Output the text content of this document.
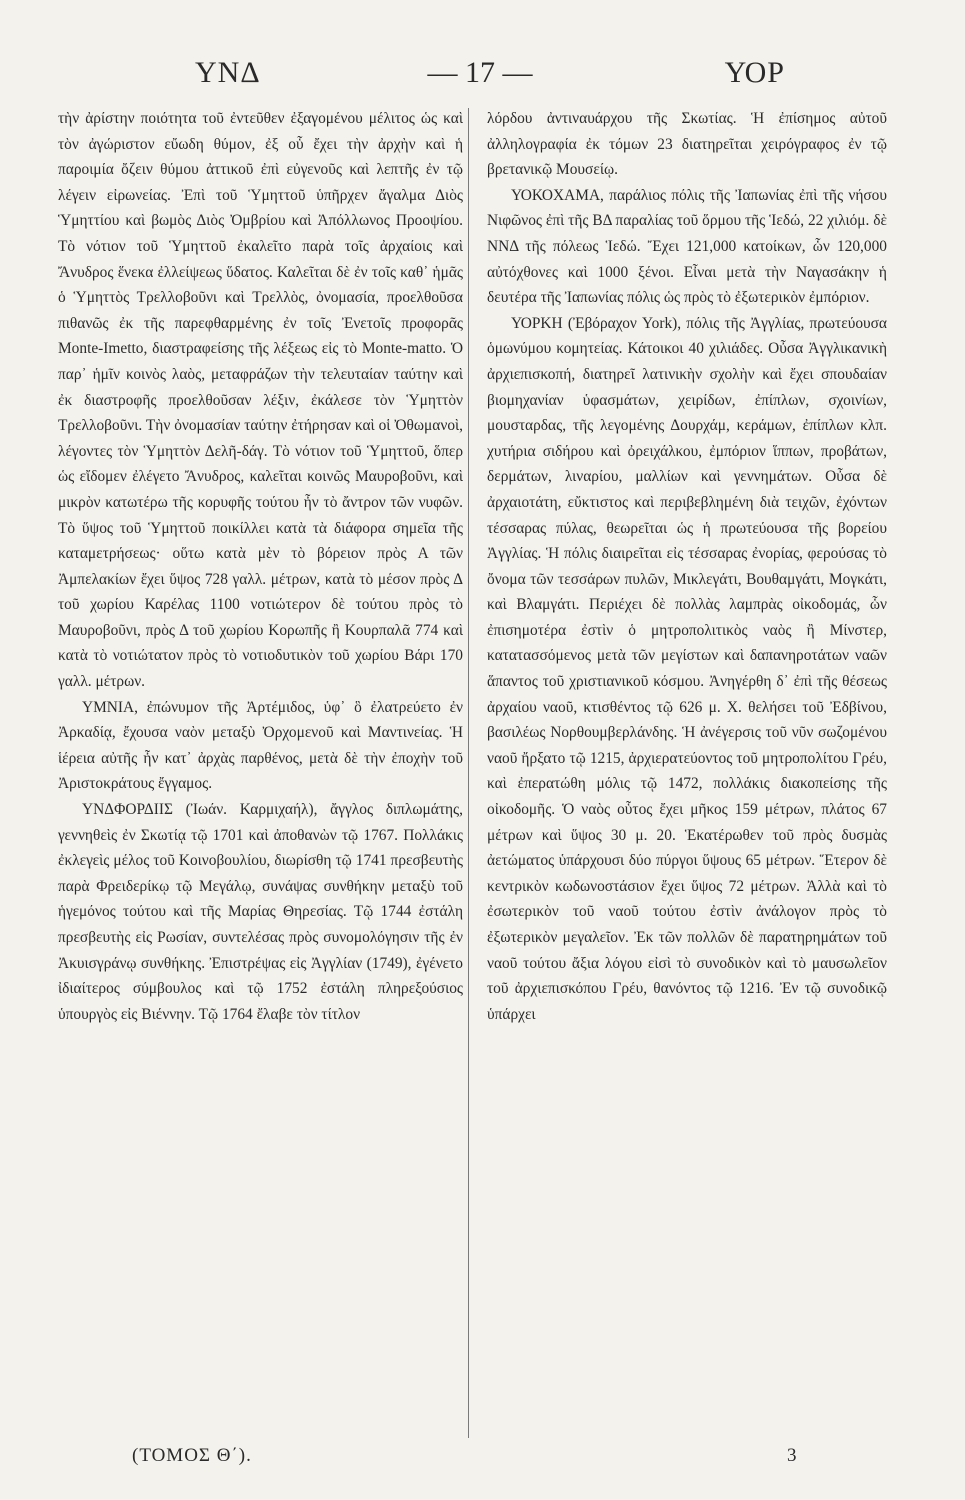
ΥΝΔ	— 17 —	ΥΟΡ

τὴν ἀρίστην ποιότητα τοῦ ἐντεῦθεν ἐξαγομένου μέλιτος ὡς καὶ τὸν ἀγώριστον εὔωδη θύμον, ἐξ οὗ ἔχει τὴν ἀρχὴν καὶ ἡ παροιμία ὄζειν θύμου ἀττικοῦ ἐπὶ εὐγενοῦς καὶ λεπτῆς ἐν τῷ λέγειν εἰρωνείας. Ἐπὶ τοῦ Ὑμηττοῦ ὑπῆρχεν ἄγαλμα Διὸς Ὑμηττίου καὶ βωμὸς Διὸς Ὀμβρίου καὶ Ἀπόλλωνος Προοψίου. Τὸ νότιον τοῦ Ὑμηττοῦ ἐκαλεῖτο παρὰ τοῖς ἀρχαίοις καὶ Ἄνυδρος ἕνεκα ἐλλείψεως ὕδατος. Καλεῖται δὲ ἐν τοῖς καθ᾽ ἡμᾶς ὁ Ὑμηττὸς Τρελλοβοῦνι καὶ Τρελλὸς, ὀνομασία, προελθοῦσα πιθανῶς ἐκ τῆς παρεφθαρμένης ἐν τοῖς Ἐνετοῖς προφορᾶς Monte-Imetto, διαστραφείσης τῆς λέξεως εἰς τὸ Monte-matto. Ὁ παρ᾽ ἡμῖν κοινὸς λαὸς, μεταφράζων τὴν τελευταίαν ταύτην καὶ ἐκ διαστροφῆς προελθοῦσαν λέξιν, ἐκάλεσε τὸν Ὑμηττὸν Τρελλοβοῦνι. Τὴν ὀνομασίαν ταύτην ἐτήρησαν καὶ οἱ Ὀθωμανοὶ, λέγοντες τὸν Ὑμηττὸν Δελῆ-δάγ. Τὸ νότιον τοῦ Ὑμηττοῦ, ὅπερ ὡς εἴδομεν ἐλέγετο Ἄνυδρος, καλεῖται κοινῶς Μαυροβοῦνι, καὶ μικρὸν κατωτέρω τῆς κορυφῆς τούτου ἦν τὸ ἄντρον τῶν νυφῶν. Τὸ ὕψος τοῦ Ὑμηττοῦ ποικίλλει κατὰ τὰ διάφορα σημεῖα τῆς καταμετρήσεως· οὕτω κατὰ μὲν τὸ βόρειον πρὸς Α τῶν Ἀμπελακίων ἔχει ὕψος 728 γαλλ. μέτρων, κατὰ τὸ μέσον πρὸς Δ τοῦ χωρίου Καρέλας 1100 νοτιώτερον δὲ τούτου πρὸς τὸ Μαυροβοῦνι, πρὸς Δ τοῦ χωρίου Κορωπῆς ἢ Κουρπαλᾶ 774 καὶ κατὰ τὸ νοτιώτατον πρὸς τὸ νοτιοδυτικὸν τοῦ χωρίου Βάρι 170 γαλλ. μέτρων.

ΥΜΝΙΑ, ἐπώνυμον τῆς Ἀρτέμιδος, ὑφ᾽ ὃ ἐλατρεύετο ἐν Ἀρκαδίᾳ, ἔχουσα ναὸν μεταξὺ Ὀρχομενοῦ καὶ Μαντινείας. Ἡ ἱέρεια αὐτῆς ἦν κατ᾽ ἀρχὰς παρθένος, μετὰ δὲ τὴν ἐποχὴν τοῦ Ἀριστοκράτους ἔγγαμος.

ΥΝΔΦΟΡΔΙΙΣ (Ἰωάν. Καρμιχαήλ), ἄγγλος διπλωμάτης, γεννηθεὶς ἐν Σκωτίᾳ τῷ 1701 καὶ ἀποθανὼν τῷ 1767. Πολλάκις ἐκλεγεὶς μέλος τοῦ Κοινοβουλίου, διωρίσθη τῷ 1741 πρεσβευτὴς παρὰ Φρειδερίκῳ τῷ Μεγάλῳ, συνάψας συνθήκην μεταξὺ τοῦ ἡγεμόνος τούτου καὶ τῆς Μαρίας Θηρεσίας. Τῷ 1744 ἐστάλη πρεσβευτὴς εἰς Ρωσίαν, συντελέσας πρὸς συνομολόγησιν τῆς ἐν Ἀκυισγράνῳ συνθήκης. Ἐπιστρέψας εἰς Ἀγγλίαν (1749), ἐγένετο ἰδιαίτερος σύμβουλος καὶ τῷ 1752 ἐστάλη πληρεξούσιος ὑπουργὸς εἰς Βιέννην. Τῷ 1764 ἔλαβε τὸν τίτλον

λόρδου ἀντιναυάρχου τῆς Σκωτίας. Ἡ ἐπίσημος αὐτοῦ ἀλληλογραφία ἐκ τόμων 23 διατηρεῖται χειρόγραφος ἐν τῷ βρετανικῷ Μουσείῳ.

ΥΟΚΟΧΑΜΑ, παράλιος πόλις τῆς Ἰαπωνίας ἐπὶ τῆς νήσου Νιφῶνος ἐπὶ τῆς ΒΔ παραλίας τοῦ ὅρμου τῆς Ἱεδώ, 22 χιλιόμ. δὲ ΝΝΔ τῆς πόλεως Ἱεδώ. Ἔχει 121,000 κατοίκων, ὧν 120,000 αὐτόχθονες καὶ 1000 ξένοι. Εἶναι μετὰ τὴν Ναγασάκην ἡ δευτέρα τῆς Ἰαπωνίας πόλις ὡς πρὸς τὸ ἐξωτερικὸν ἐμπόριον.

ΥΟΡΚΗ (Ἐβόραχον York), πόλις τῆς Ἀγγλίας, πρωτεύουσα ὁμωνύμου κομητείας. Κάτοικοι 40 χιλιάδες. Οὖσα Ἀγγλικανικὴ ἀρχιεπισκοπή, διατηρεῖ λατινικὴν σχολὴν καὶ ἔχει σπουδαίαν βιομηχανίαν ὑφασμάτων, χειρίδων, ἐπίπλων, σχοινίων, μουσταρδας, τῆς λεγομένης Δουρχάμ, κεράμων, ἐπίπλων κλπ. χυτήρια σιδήρου καὶ ὀρειχάλκου, ἐμπόριον ἵππων, προβάτων, δερμάτων, λιναρίου, μαλλίων καὶ γεννημάτων. Οὖσα δὲ ἀρχαιοτάτη, εὔκτιστος καὶ περιβεβλημένη διὰ τειχῶν, ἐχόντων τέσσαρας πύλας, θεωρεῖται ὡς ἡ πρωτεύουσα τῆς βορείου Ἀγγλίας. Ἡ πόλις διαιρεῖται εἰς τέσσαρας ἐνορίας, φερούσας τὸ ὄνομα τῶν τεσσάρων πυλῶν, Μικλεγάτι, Βουθαμγάτι, Μογκάτι, καὶ Βλαμγάτι. Περιέχει δὲ πολλὰς λαμπρὰς οἰκοδομάς, ὧν ἐπισημοτέρα ἐστὶν ὁ μητροπολιτικὸς ναὸς ἢ Μίνστερ, κατατασσόμενος μετὰ τῶν μεγίστων καὶ δαπανηροτάτων ναῶν ἅπαντος τοῦ χριστιανικοῦ κόσμου. Ἀνηγέρθη δ᾽ ἐπὶ τῆς θέσεως ἀρχαίου ναοῦ, κτισθέντος τῷ 626 μ. Χ. θελήσει τοῦ Ἐδβίνου, βασιλέως Νορθουμβερλάνδης. Ἡ ἀνέγερσις τοῦ νῦν σωζομένου ναοῦ ἤρξατο τῷ 1215, ἀρχιερατεύοντος τοῦ μητροπολίτου Γρέυ, καὶ ἐπερατώθη μόλις τῷ 1472, πολλάκις διακοπείσης τῆς οἰκοδομῆς. Ὁ ναὸς οὗτος ἔχει μῆκος 159 μέτρων, πλάτος 67 μέτρων καὶ ὕψος 30 μ. 20. Ἑκατέρωθεν τοῦ πρὸς δυσμὰς ἀετώματος ὑπάρχουσι δύο πύργοι ὕψους 65 μέτρων. Ἕτερον δὲ κεντρικὸν κωδωνοστάσιον ἔχει ὕψος 72 μέτρων. Ἀλλὰ καὶ τὸ ἐσωτερικὸν τοῦ ναοῦ τούτου ἐστὶν ἀνάλογον πρὸς τὸ ἐξωτερικὸν μεγαλεῖον. Ἐκ τῶν πολλῶν δὲ παρατηρημάτων τοῦ ναοῦ τούτου ἄξια λόγου εἰσὶ τὸ συνοδικὸν καὶ τὸ μαυσωλεῖον τοῦ ἀρχιεπισκόπου Γρέυ, θανόντος τῷ 1216. Ἐν τῷ συνοδικῷ ὑπάρχει

(ΤΟΜΟΣ Θ΄).	3
